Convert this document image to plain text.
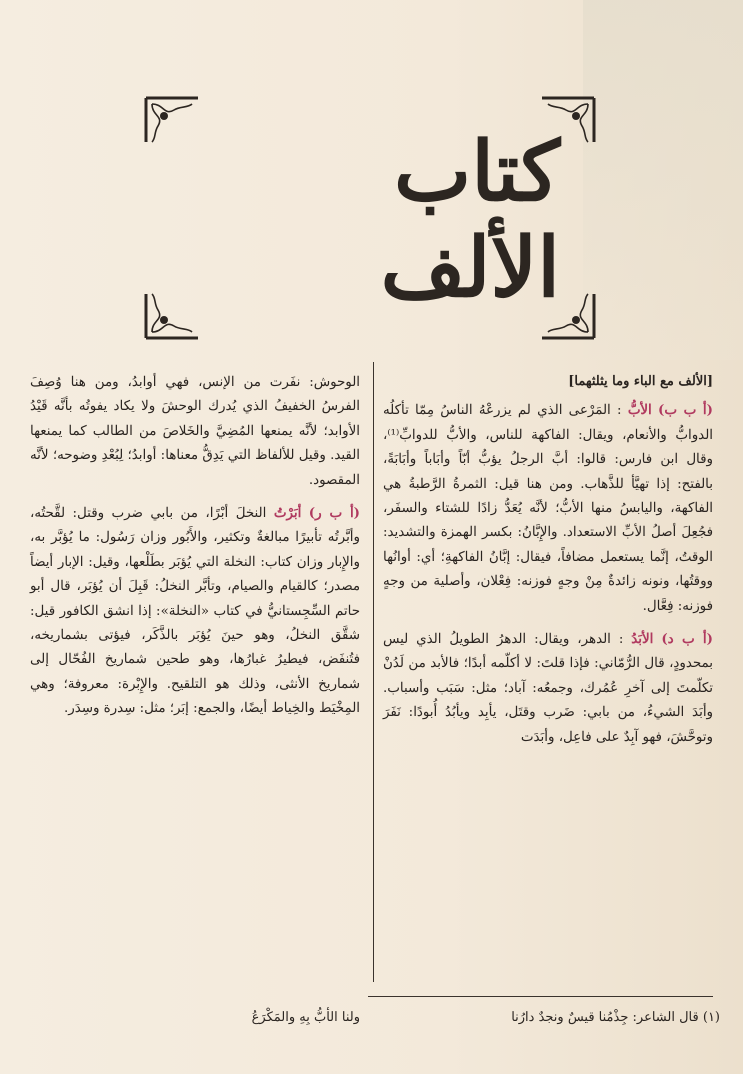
كتاب الألف
[الألف مع الباء وما يثلثهما]

(أ ب ب) الأبُّ : المَرْعى الذي لم يزرعْهُ الناسُ مِمّا تأكلُه الدوابُّ والأنعام، ويقال: الفاكهة للناس، والأبُّ للدوابِّ⁽¹⁾، وقال ابن فارس: قالوا: أبَّ الرجلُ يؤبُّ أبّاً وأبَاباً وأبَابَةً، بالفتح: إذا تهيَّأ للذَّهاب. ومن هنا قيل: الثمرةُ الرَّطبةُ هي الفاكهة، واليابسُ منها الأبُّ؛ لأنَّه يُعَدُّ زادًا للشتاء والسفَر، فجُعِلَ أصلُ الأبِّ الاستعداد. والإِبَّانُ: بكسر الهمزة والتشديد: الوقتُ، إنَّما يستعمل مضافاً، فيقال: إبَّانُ الفاكهةِ؛ أي: أوانُها ووقتُها، ونونه زائدةٌ مِنْ وجهٍ فوزنه: فِعْلان، وأصلية من وجهٍ فوزنه: فِعَّال.

(أ ب د) الأبَدُ : الدهر، ويقال: الدهرُ الطويلُ الذي ليس بمحدودٍ، قال الرُّمّاني: فإذا قلتَ: لا أكلّمه أبدًا؛ فالأبد من لَدُنْ تكلّمتَ إلى آخرِ عُمُرك، وجمعُه: آباد؛ مثل: سَبَب وأسباب. وأبَدَ الشيءُ، من بابي: ضَرب وقتَل، يأبِد ويأبُدُ أُبودًا: نَفَرَ وتوحَّشَ، فهو آبِدٌ على فاعِل، وأبَدَت

الوحوش: نفَرت من الإنس، فهي أوابدُ، ومن هنا وُصِفَ الفرسُ الخفيفُ الذي يُدرك الوحشَ ولا يكاد يفوتُه بأنَّه قَيْدُ الأوابد؛ لأنَّه يمنعها المُضِيَّ والخَلاصَ من الطالب كما يمنعها القيد. وقيل للألفاظ التي يَدِقُّ معناها: أوابدُ؛ لِبُعْدِ وضوحه؛ لأنَّه المقصود.

(أ ب ر) أبَرْتُ النخلَ أبْرًا، من بابي ضرب وقتل: لقَّحتُه، وأبَّرتُه تأبيرًا مبالغةٌ وتكثير، والأَبُور وزان رَسُول: ما يُؤبَّر به، والإِبار وزان كتاب: النخلة التي يُؤبَر بطَلْعها، وقيل: الإبار أيضاً مصدر؛ كالقيام والصيام، وتأبَّر النخلُ: قَبِلَ أن يُؤبَر، قال أبو حاتم السِّجِستانيُّ في كتاب «النخلة»: إذا انشق الكافور قيل: شقَّق النخلُ، وهو حينَ يُؤبَر بالذَّكَر، فيؤتى بشماريخه، فتُنفَض، فيطيرُ غبارُها، وهو طحين شماريخ الفُحّال إلى شماريخ الأنثى، وذلك هو التلقيح. والإِبْرة: معروفة؛ وهي المِخْيَط والخِياط أيضًا، والجمع: إبَر؛ مثل: سِدرة وسِدَر.

(١) قال الشاعر: جِذْمُنا قيسٌ ونجدٌ دارُنا
ولنا الأبُّ بِهِ والمَكْرَعُ
